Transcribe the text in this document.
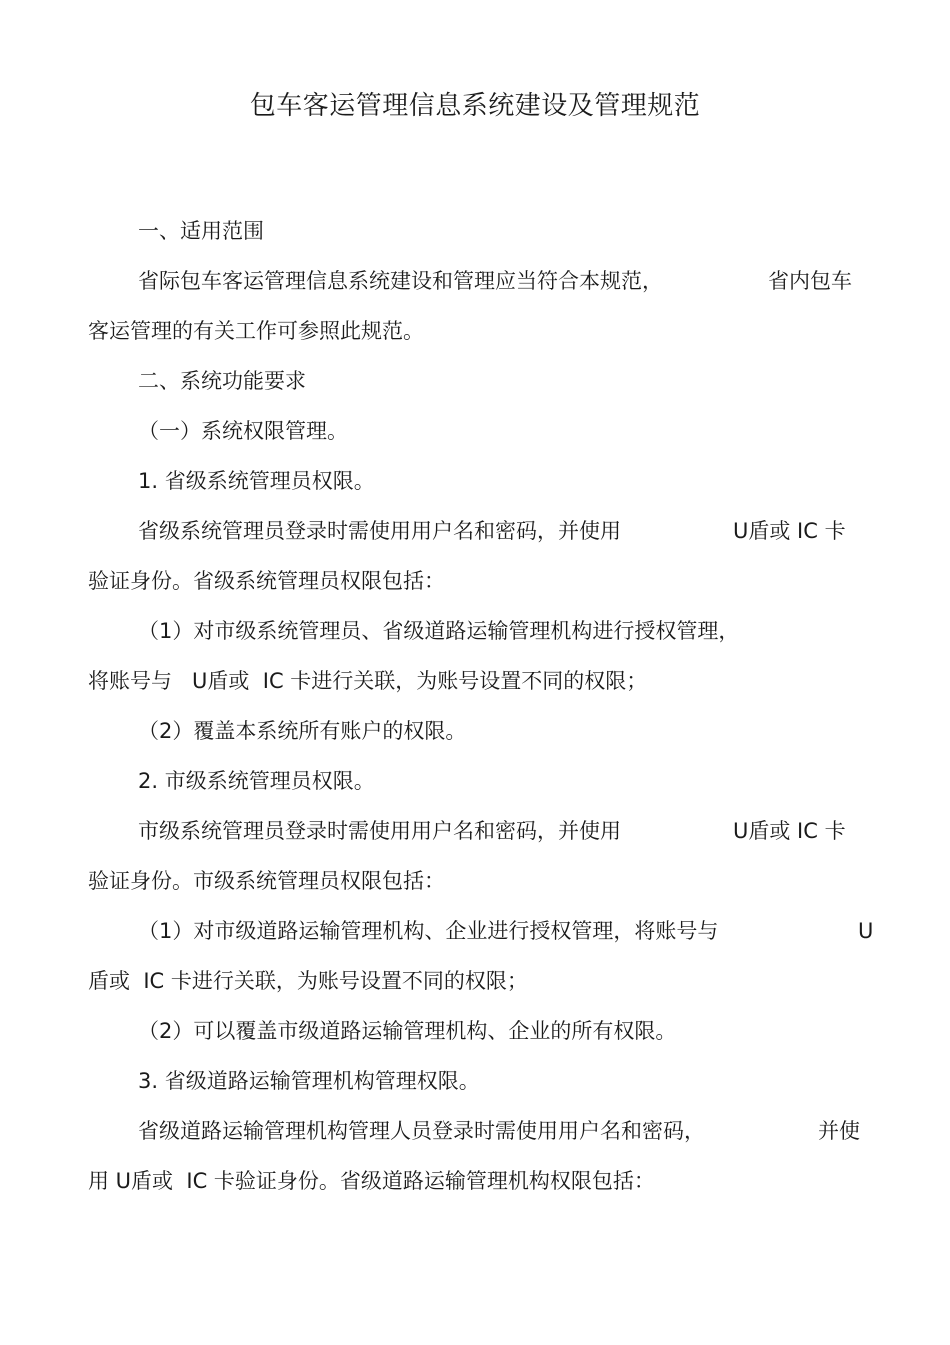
包车客运管理信息系统建设及管理规范
一、适用范围
省际包车客运管理信息系统建设和管理应当符合本规范，	省内包车
客运管理的有关工作可参照此规范。
二、系统功能要求
（一）系统权限管理。
1. 省级系统管理员权限。
省级系统管理员登录时需使用用户名和密码，并使用	U盾或 IC 卡
验证身份。省级系统管理员权限包括：
（1）对市级系统管理员、省级道路运输管理机构进行授权管理，
将账号与   U盾或  IC 卡进行关联，为账号设置不同的权限；
（2）覆盖本系统所有账户的权限。
2. 市级系统管理员权限。
市级系统管理员登录时需使用用户名和密码，并使用	U盾或 IC 卡
验证身份。市级系统管理员权限包括：
（1）对市级道路运输管理机构、企业进行授权管理，将账号与	U
盾或  IC 卡进行关联，为账号设置不同的权限；
（2）可以覆盖市级道路运输管理机构、企业的所有权限。
3. 省级道路运输管理机构管理权限。
省级道路运输管理机构管理人员登录时需使用用户名和密码，	并使
用 U盾或  IC 卡验证身份。省级道路运输管理机构权限包括：
